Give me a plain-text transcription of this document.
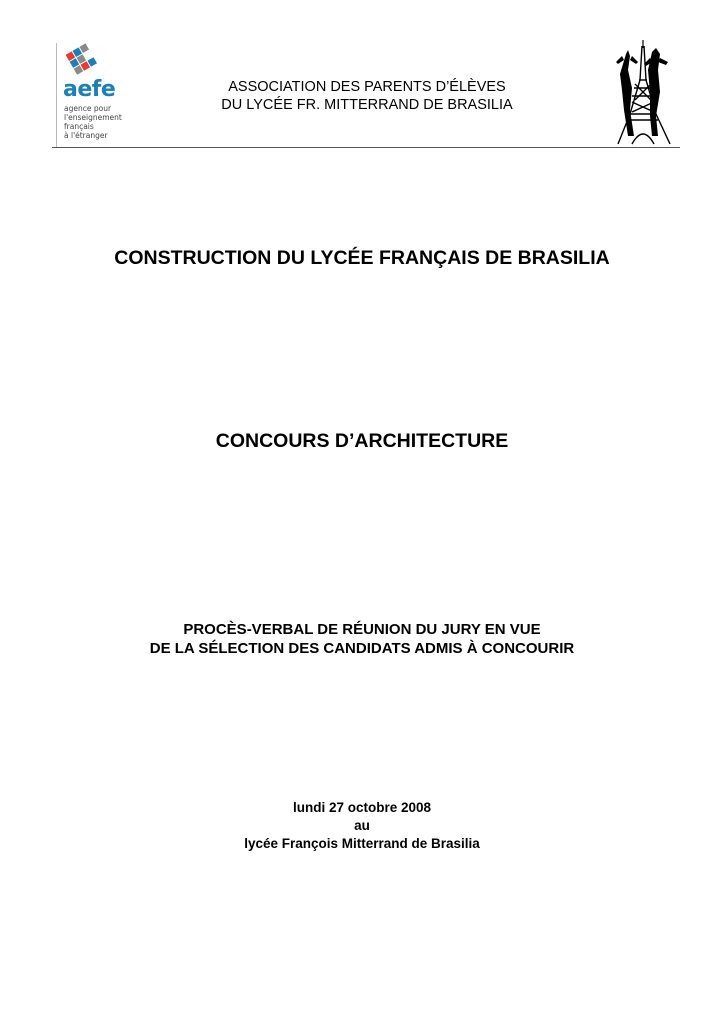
aefe
agence pour
l'enseignement
français
à l'étranger
ASSOCIATION DES PARENTS D’ÉLÈVES
DU LYCÉE FR. MITTERRAND DE BRASILIA
CONSTRUCTION DU LYCÉE FRANÇAIS DE BRASILIA
CONCOURS D’ARCHITECTURE
PROCÈS-VERBAL DE RÉUNION DU JURY EN VUE
DE LA SÉLECTION DES CANDIDATS ADMIS À CONCOURIR
lundi 27 octobre 2008
au
lycée François Mitterrand de Brasilia
